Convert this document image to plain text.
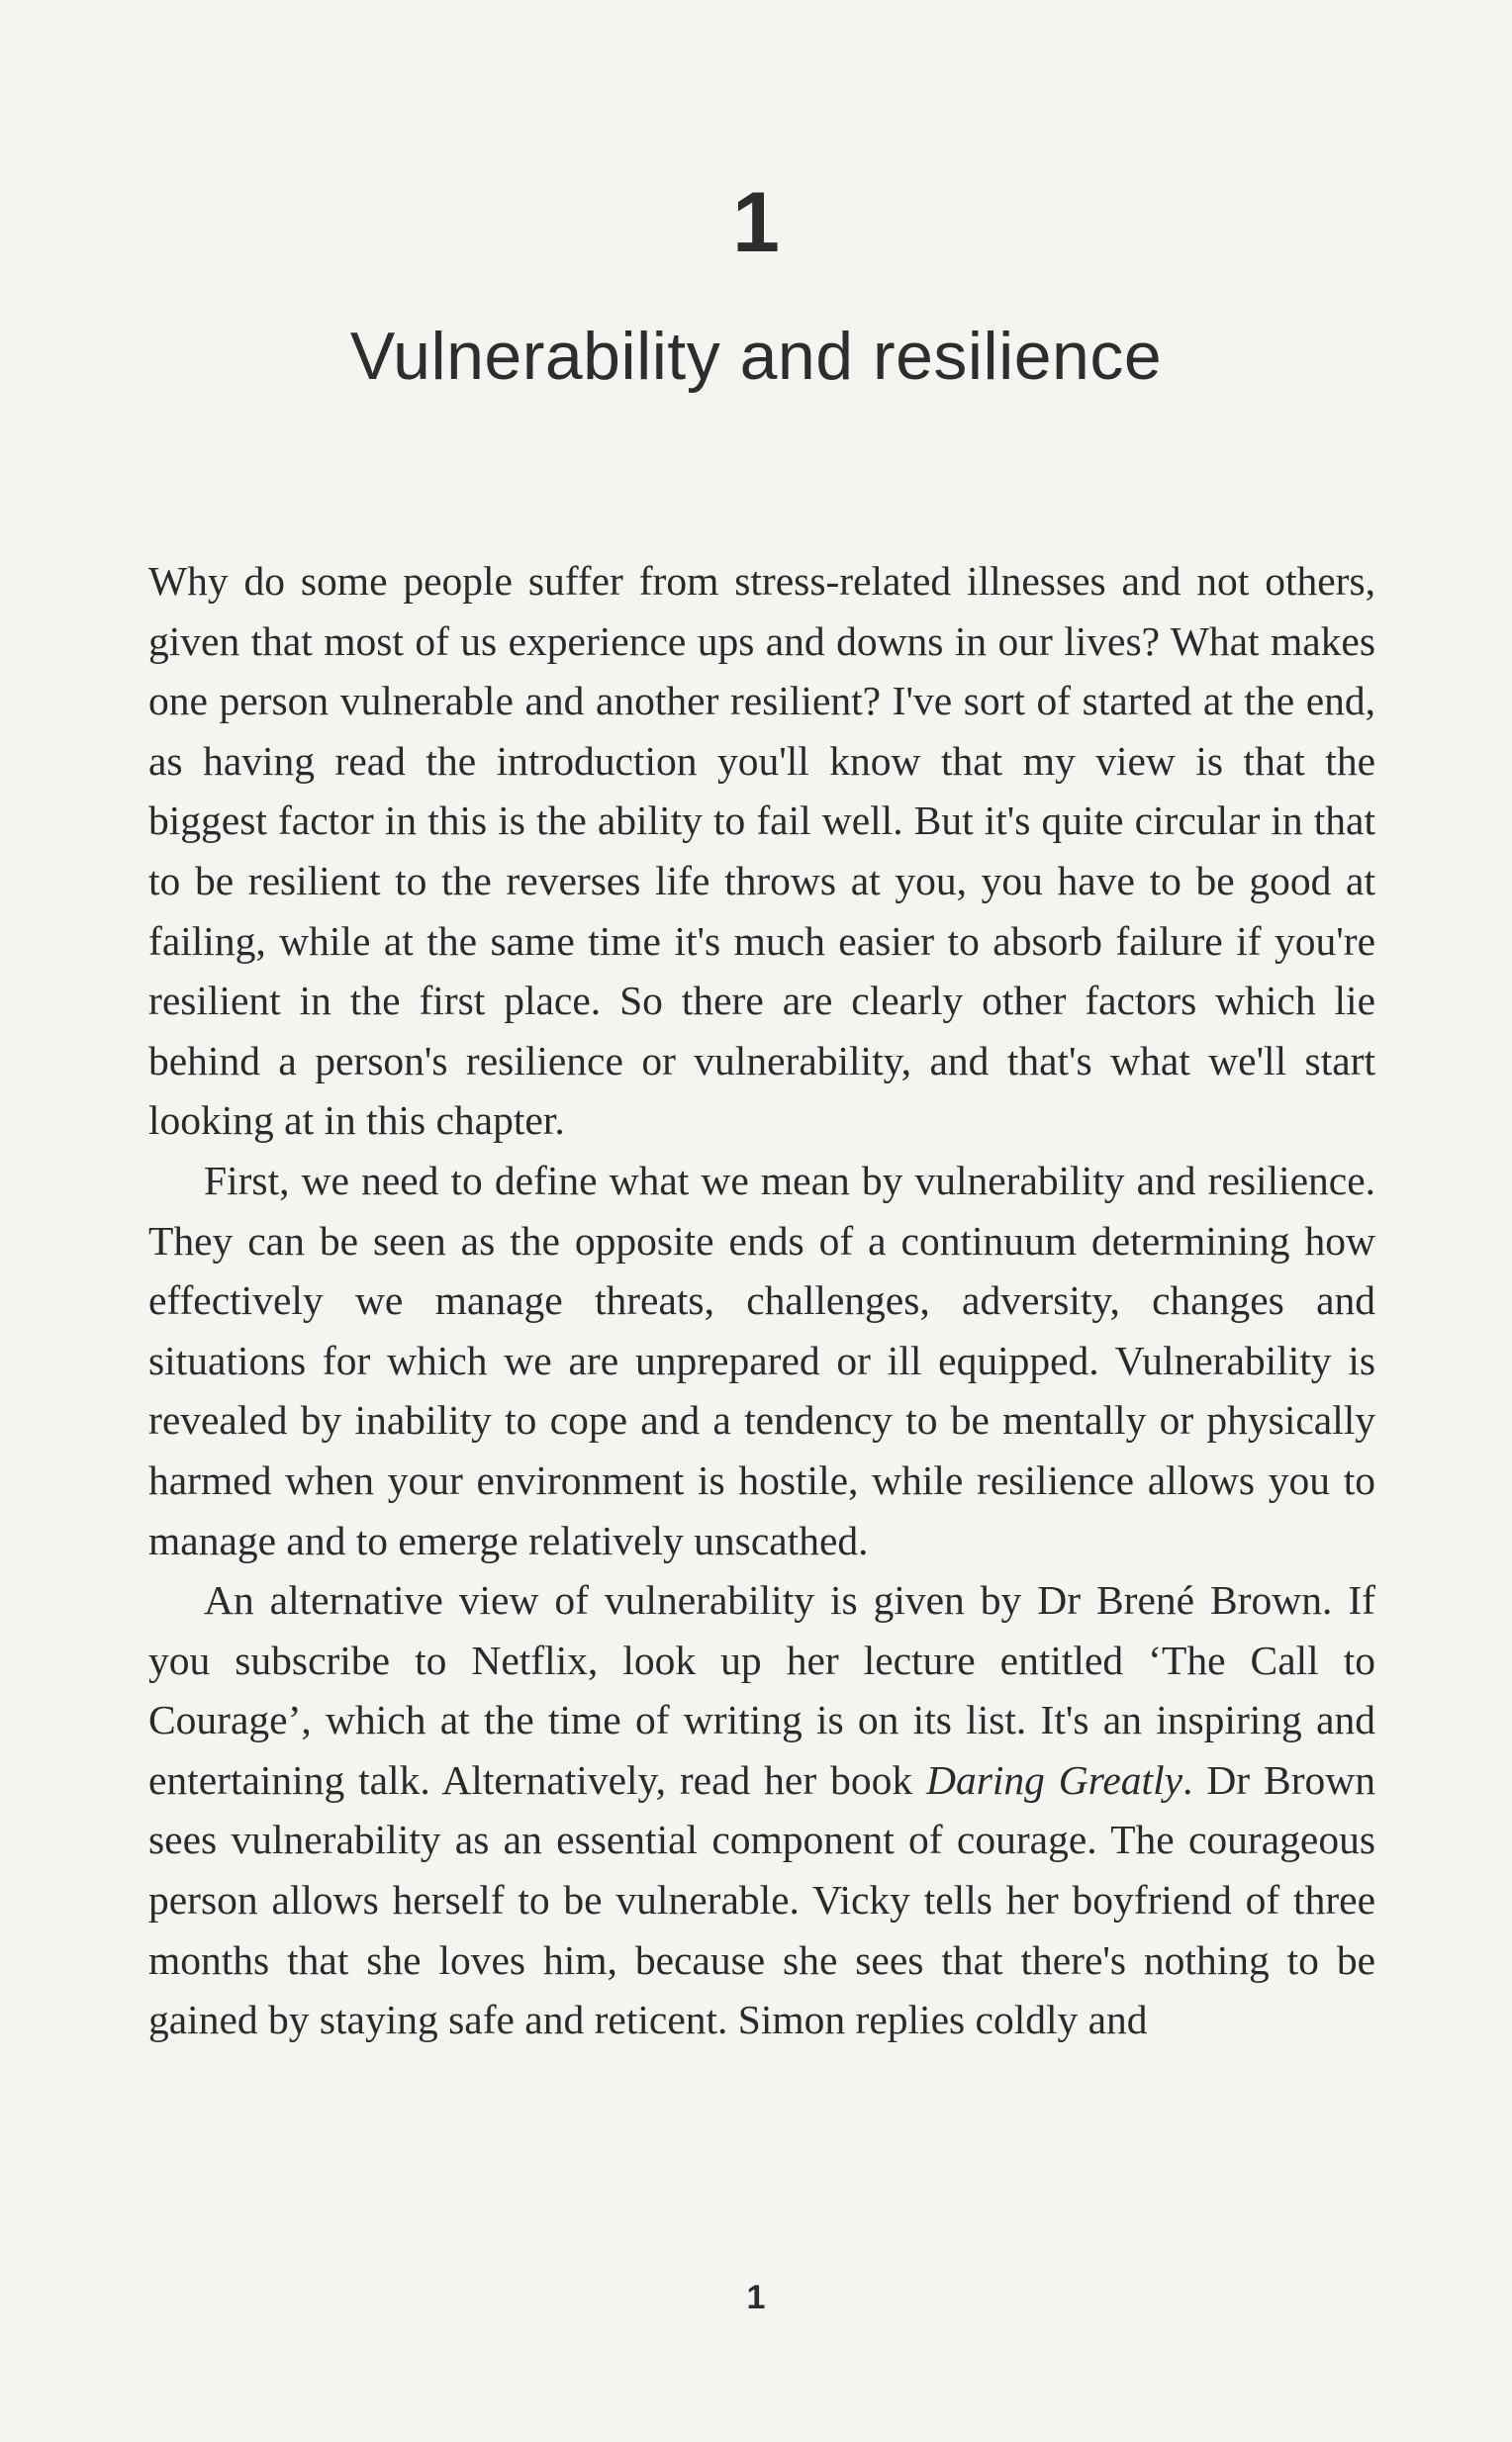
1
Vulnerability and resilience

Why do some people suffer from stress-related illnesses and not others, given that most of us experience ups and downs in our lives? What makes one person vulnerable and another resilient? I've sort of started at the end, as having read the introduction you'll know that my view is that the biggest factor in this is the ability to fail well. But it's quite circular in that to be resilient to the reverses life throws at you, you have to be good at failing, while at the same time it's much easier to absorb failure if you're resilient in the first place. So there are clearly other factors which lie behind a person's resilience or vulnerability, and that's what we'll start looking at in this chapter.

First, we need to define what we mean by vulnerability and resilience. They can be seen as the opposite ends of a continuum determining how effectively we manage threats, challenges, adversity, changes and situations for which we are unprepared or ill equipped. Vulnerability is revealed by inability to cope and a tendency to be mentally or physically harmed when your environment is hostile, while resilience allows you to manage and to emerge relatively unscathed.

An alternative view of vulnerability is given by Dr Brené Brown. If you subscribe to Netflix, look up her lecture entitled ‘The Call to Courage’, which at the time of writing is on its list. It's an inspiring and entertaining talk. Alternatively, read her book Daring Greatly. Dr Brown sees vulnerability as an essential component of courage. The courageous person allows herself to be vulnerable. Vicky tells her boyfriend of three months that she loves him, because she sees that there's nothing to be gained by staying safe and reticent. Simon replies coldly and

1
